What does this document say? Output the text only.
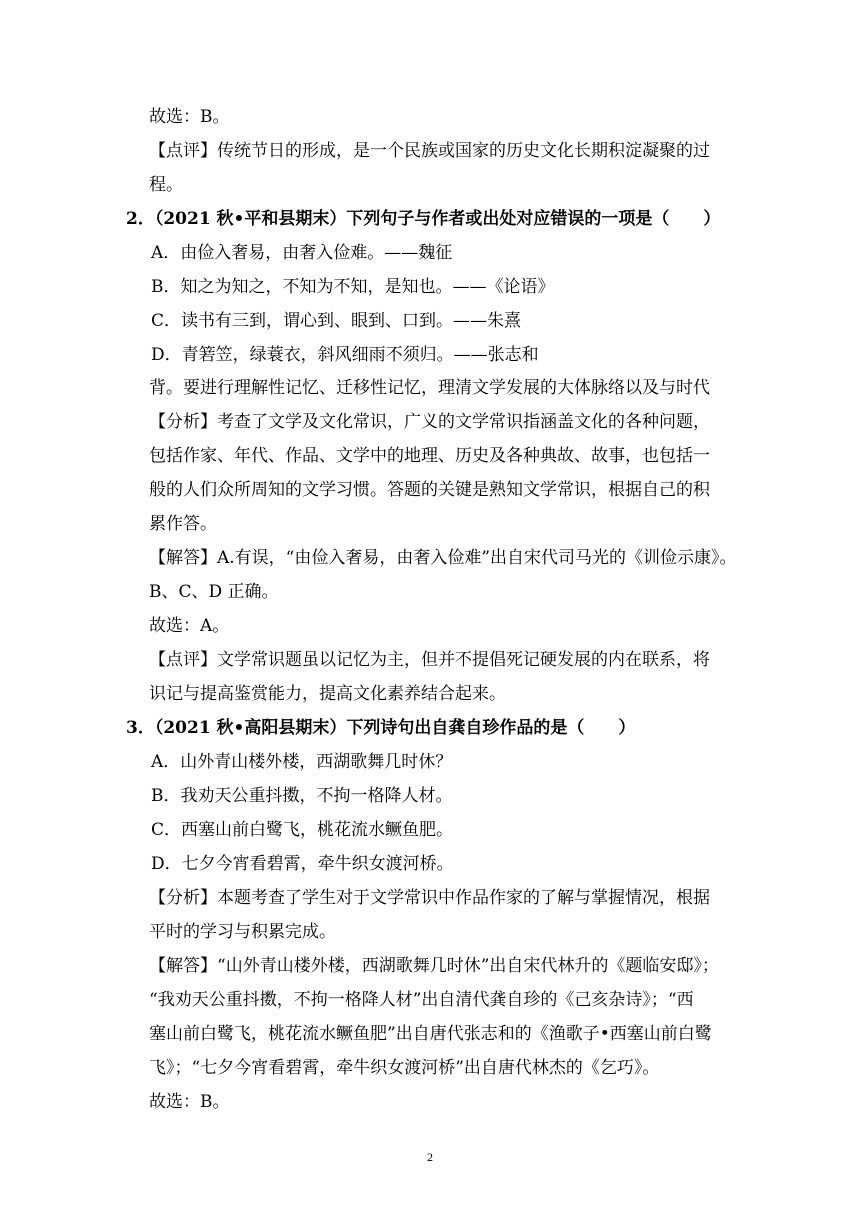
故选：B。
【点评】传统节日的形成，是一个民族或国家的历史文化长期积淀凝聚的过
程。
2．（2021 秋•平和县期末）下列句子与作者或出处对应错误的一项是（　　）
A．由俭入奢易，由奢入俭难。——魏征
B．知之为知之，不知为不知，是知也。——《论语》
C．读书有三到，谓心到、眼到、口到。——朱熹
D．青箬笠，绿蓑衣，斜风细雨不须归。——张志和
背。要进行理解性记忆、迁移性记忆，理清文学发展的大体脉络以及与时代
【分析】考查了文学及文化常识，广义的文学常识指涵盖文化的各种问题，
包括作家、年代、作品、文学中的地理、历史及各种典故、故事，也包括一
般的人们众所周知的文学习惯。答题的关键是熟知文学常识，根据自己的积
累作答。
【解答】A.有误，“由俭入奢易，由奢入俭难”出自宋代司马光的《训俭示康》。
B、C、D 正确。
故选：A。
【点评】文学常识题虽以记忆为主，但并不提倡死记硬发展的内在联系，将
识记与提高鉴赏能力，提高文化素养结合起来。
3．（2021 秋•高阳县期末）下列诗句出自龚自珍作品的是（　　）
A．山外青山楼外楼，西湖歌舞几时休？
B．我劝天公重抖擞，不拘一格降人材。
C．西塞山前白鹭飞，桃花流水鳜鱼肥。
D．七夕今宵看碧霄，牵牛织女渡河桥。
【分析】本题考查了学生对于文学常识中作品作家的了解与掌握情况，根据
平时的学习与积累完成。
【解答】“山外青山楼外楼，西湖歌舞几时休”出自宋代林升的《题临安邸》；
“我劝天公重抖擞，不拘一格降人材”出自清代龚自珍的《己亥杂诗》；“西
塞山前白鹭飞，桃花流水鳜鱼肥”出自唐代张志和的《渔歌子•西塞山前白鹭
飞》；“七夕今宵看碧霄，牵牛织女渡河桥”出自唐代林杰的《乞巧》。
故选：B。
2
